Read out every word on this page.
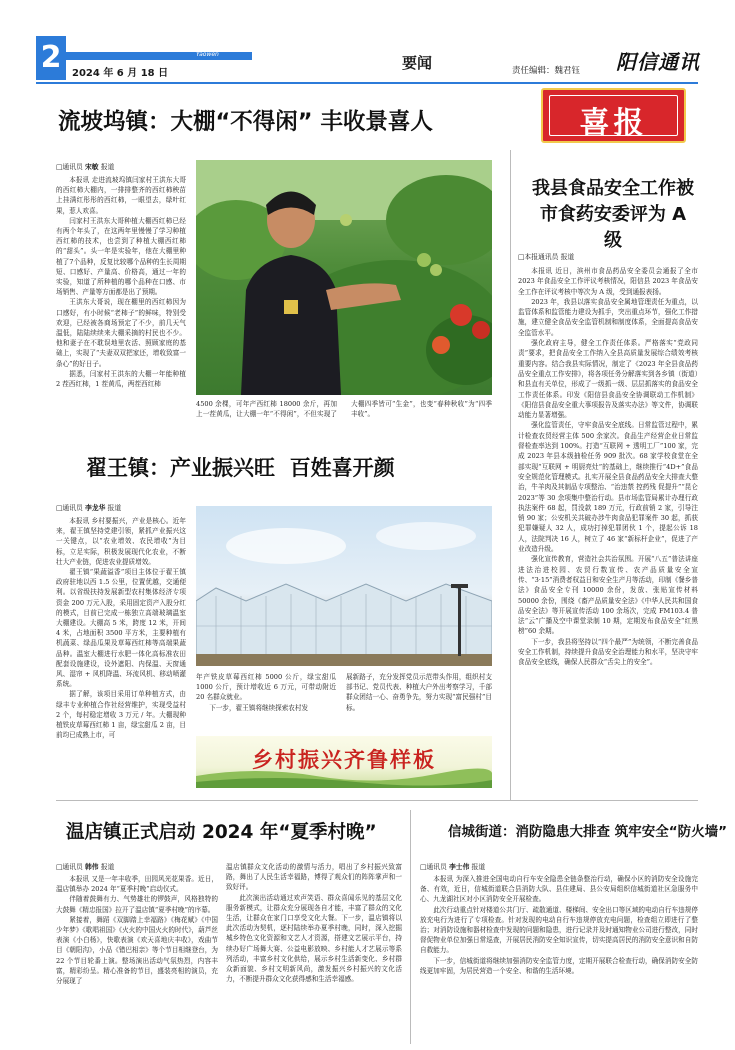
2	Yaowen
2024 年 6 月 18 日
要闻	责任编辑：魏君钰 阳信通讯
流坡坞镇：大棚“不得闲” 丰收景喜人
□通讯员 宋敏 报道

本报讯 走进流坡坞镇闫家村王洪东大哥的西红柿大棚内，一排排整齐的西红柿秧苗上挂满红彤彤的西红柿，一眼望去，绿叶红果，惹人欢喜。

闫家村王洪东大哥种植大棚西红柿已经有两个年头了，在这两年里慢慢了学习种植西红柿的技术，也尝到了种植大棚西红柿的“甜头”。头一年是实验年，他在大棚里种植了7个品种，反复比较哪个品种的生长周期短、口感好、产量高、价格高，通过一年的实验，知道了所种植的哪个品种在口感、市场销售、产量等方面都是出了预期。

王洪东大哥说，现在棚里的西红柿因为口感好，有小时候“老柿子”的鲜味，特别受欢迎，已经被各商场预定了不少，前几天气温低，陆陆续续来大棚采摘的村民也不少。他和妻子在不耽误地里农活、照顾家庭的基础上，实现了“夫妻双双把家还，增收致富一条心”的好日子。

据悉，闫家村王洪东的大棚一年能种植 2 茬西红柿，1 茬黄瓜，两茬西红柿

4500 余棵，可年产西红柿 18000 余斤，再加上一茬黄瓜，让大棚一年“不得闲”，不但实现了大棚四季皆可“生金”，也变“春种秋收”为“四季丰收”。
喜报
我县食品安全工作被
市食药安委评为 A 级
□本报通讯员 报道

本报讯 近日，滨州市食品药品安全委员会通报了全市 2023 年食品安全工作评议考核情况，阳信县 2023 年食品安全工作在评议考核中等次为 A 级，受到通报表扬。

2023 年，我县以落实食品安全属地管理责任为重点，以监管体系和监管能力建设为抓手，突出重点环节，强化工作措施，建立健全食品安全监管机制和制度体系，全面提高食品安全监管水平。

强化政府主导，健全工作责任体系。严格落实“党政同责”要求，把食品安全工作纳入全县高质量发展综合绩效考核重要内容。结合我县实际情况，制定了《2023 年全县食品药品安全重点工作安排》，将各项任务分解落实到各乡镇（街道）和县直有关单位，形成了一级抓一级、层层抓落实的食品安全工作责任体系。印发《阳信县食品安全协调联动工作机制》《阳信县食品安全重大事项报告及落实办法》等文件，协调联动能力显著增强。

强化监管责任，守牢食品安全底线。日常监管过程中，累计检查农贸经营主体 500 余家次。食品生产经营企业日常监督检查率达到 100%。打造“互联网 + 透明工厂”100 家，完成 2023 年县本级抽检任务 909 批次。68 家学校食堂在全部实现“互联网 + 明厨亮灶”的基础上，继续推行“4D+”食品安全规范化管理模式。扎实开展全县食品药品安全大排查大整治，牛羊肉及其制品专项整治、“治违禁 控药残 促提升”“昆仑 2023”等 30 余项集中整治行动。县市场监管局累计办理行政执法案件 68 起，罚没款 189 万元，行政前销 2 家，引导注销 90 家；公安机关共破办涉牛肉食品犯罪案件 30 起，抓获犯罪嫌疑人 32 人，成功打掉犯罪团伙 1 个，提起公诉 18 人，法院判决 16 人，树立了 46 家“新标杆企业”，促进了产业改造升级。

强化宣传教育，营造社会共治氛围。开展“八五”普法讲座进法治进校园、农贸行数宣传、农产品质量安全宣传、“3·15”消费者权益日和安全生产月等活动，印制《餐乡普法》食品安全专刊 10000 余份，发放、张贴宣传材料 50000 余份，围绕《畜产品质量安全法》《中华人民共和国食品安全法》等开展宣传活动 100 余场次，完成 FM103.4 普法“云”广播及空中课堂录制 10 期，定期发布食品安全“红黑榜”60 余期。

下一步，我县将坚持以“四个最严”为统领，不断完善食品安全工作机制，持续提升食品安全治理能力和水平，坚决守牢食品安全底线，确保人民群众“舌尖上的安全”。

翟王镇：产业振兴旺  百姓喜开颜
□通讯员 李龙华 报道

本报讯 乡村要振兴，产业是核心。近年来，翟王镇坚持党建引领，紧抓产业振兴这一关键点，以“农业增效、农民增收”为目标，立足实际，积极发展现代化农业，不断壮大产业链，促进农业提质增效。

翟王镇“果蔬溢香”项目主体位于翟王镇政府驻地以西 1.5 公里，位置优越，交通便利。以省级扶持发展新型农村集体经济专项资金 200 万元入股，采用固定资产入股分红的模式，目前已完成一栋独立高端玻璃温室大棚建设。大棚高 5 米，跨度 12 米，开间 4 米，占地面积 3500 平方米，主要种植有机蔬菜、绿品瓜果及草莓西红柿等高端果蔬品种。温室大棚进行水肥一体化高标准农田配套设施建设，设外遮阳、内保温、天窗通风、湿帘 + 风机降温、环流风机、移动喷灌系统。

据了解，该项目采用订单种植方式，由绿丰专业种植合作社经营维护，实现受益村 2 个，每村稳定增收 3 万元 / 年。大棚现种植铁皮草莓西红柿 1 亩，绿宝甜瓜 2 亩，目前均已成熟上市，可

年产铁皮草莓西红柿 5000 公斤，绿宝甜瓜 1000 公斤，预计增收近 6 万元，可带动附近 20 名群众就业。

下一步，翟王镇将继续探索农村发

展新路子，充分发挥党员示范带头作用，组织村支部书记、党员代表、种植大户外出考察学习，千部群众团结一心、奋勇争先，努力实现“富民强村”目标。
乡村振兴齐鲁样板
温店镇正式启动 2024 年“夏季村晚”
□通讯员 韩伟 报道

本报讯 又是一年丰收季，田园风光花果香。近日，温店镇举办 2024 年“夏季村晚”启动仪式。

伴随着鼓舞有力、气势雄壮的锣鼓声，风格独特的大鼓舞《精忠报国》拉开了温店镇“夏季村晚”的序幕。

紧接着，舞蹈《双脚踏上幸福路》《梅花赋》《中国少年梦》《歌唱祖国》《火火的中国火火的时代》，葫芦丝表演《小白杨》，快歌表演《欢天喜地庆丰收》，戏曲节目《朝阳沟》，小品《错巴相亲》等个节目相继登台，为 22 个节目轮番上演。整场演出活动气氛热烈，内容丰富，精彩纷呈。精心准备的节目，盛装亮相的演员，充分展现了

温店镇群众文化活动的激情与活力，唱出了乡村振兴致富路，舞出了人民生活幸福路，博得了观众们的阵阵掌声和一致好评。

此次演出活动通过欢声笑语、群众喜闻乐见的基层文化服务新模式，让群众充分展现各自才能，丰富了群众的文化生活，让群众在家门口享受文化大餐。下一步，温店镇将以此次活动为契机，逐村陆续举办夏季村晚，同时，深入挖掘城乡特色文化资源和文艺人才资源，搭建文艺展示平台，持续办好广场舞大赛、公益电影放映、乡村能人才艺展示等系列活动，丰富乡村文化供给，展示乡村生活新变化、乡村群众新面貌、乡村文明新风尚，激发振兴乡村振兴的文化活力，不断提升群众文化获得感和生活幸福感。

信城街道：消防隐患大排查 筑牢安全“防火墙”
□通讯员 李士伟 报道

本报讯 为深入推进全国电动自行车安全隐患全链条整治行动，确保小区的消防安全设施完备、有效，近日，信城街道联合县消防大队、县住建局、县公安局组织信城街道社区急服务中心、九龙湖社区对小区消防安全开展检查。

此次行动重点针对楼道公共门厅、疏散通道、楼梯间、安全出口等区域的电动自行车违规停放充电行为进行了专项检查。针对发现的电动自行车违规停放充电问题，检查组立即进行了整治；对消防设施和器材检查中发现的问题和隐患，进行记录并及时通知物业公司进行整改，同时督促物业单位加强日常巡查，开展居民消防安全知识宣传，切实提高居民的消防安全意识和自防自救能力。

下一步，信城街道将继续加强消防安全监管力度，定期开展联合检查行动，确保消防安全防线更加牢固，为居民营造一个安全、和谐的生活环境。
